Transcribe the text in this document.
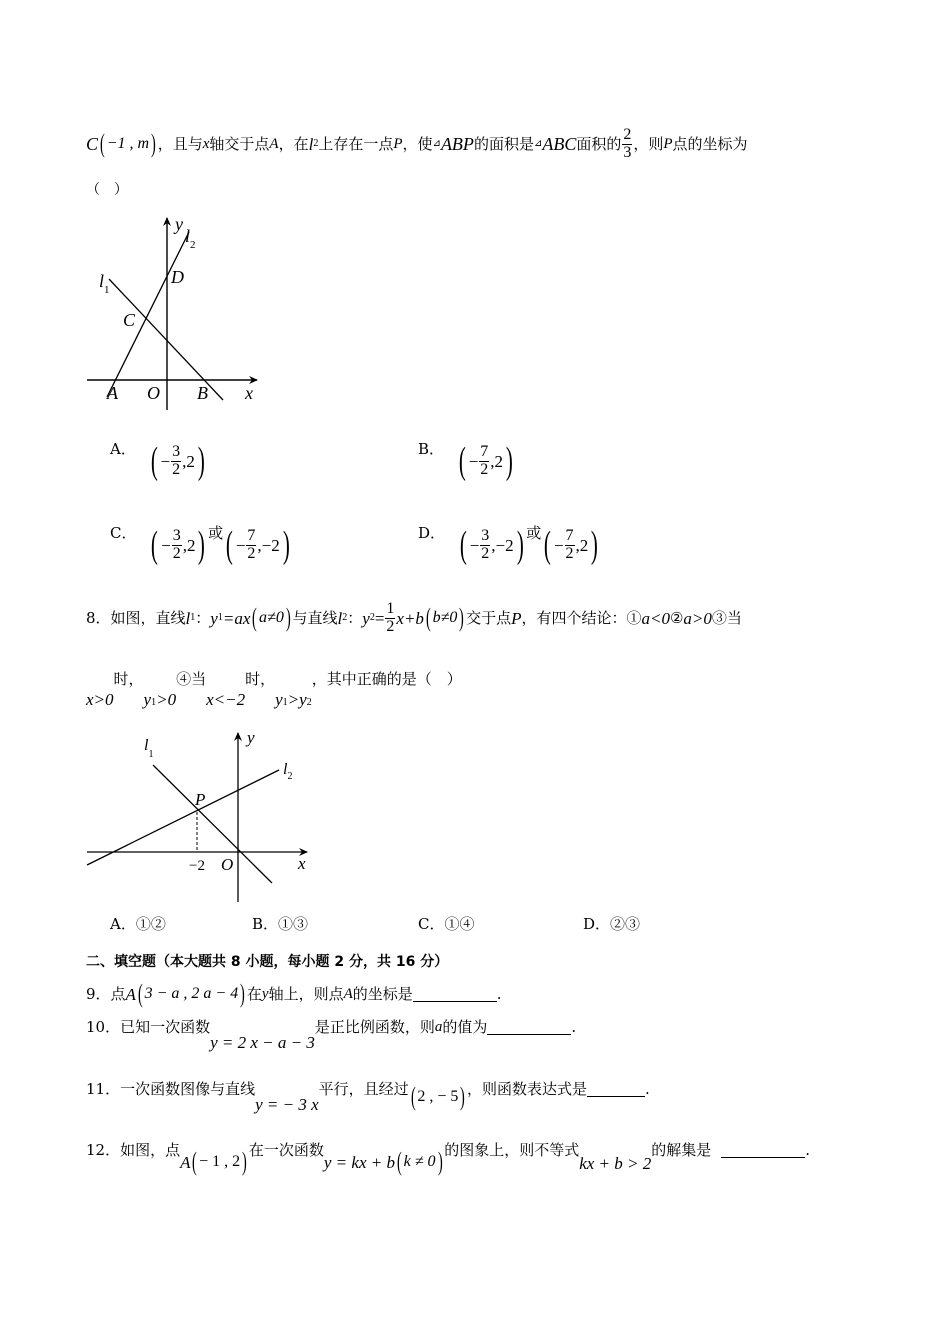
C ( −1 , m ) ，且与 x 轴交于点 A ，在 l 2 上存在一点 P ，使 ⊿ ABP 的面积是 ⊿ ABC 面积的 $\frac{2}{3}$ ，则 P 点的坐标为
（　）
y
$l_2$
$l_1$
D
C
A O B x
A． ( − $\frac{3}{2} ,2$ )	B． ( − $\frac{7}{2} ,2$ )
C． ( − $\frac{3}{2} ,2$ ) 或 ( − $\frac{7}{2} ,-2$ )	D． ( − $\frac{3}{2} ,-2$ ) 或 ( − $\frac{7}{2} ,2$ )
8．如图，直线 l 1 ： y 1 =ax ( a≠0 ) 与直线 l 2 ： y $2 = \frac{1}{2} x+b$ ( b≠0 ) 交于点 P ，有四个结论：① a<0 ② a>0 ③当
x>0
时，
$y_1 >0$
④当
x<−2
时，
$y_1 > y_2$
，其中正确的是（　）
y
$l_1$
$l_2$
P
−2 O	x
A．①②	B．①③	C．①④	D．②③
二、填空题（本大题共 8 小题，每小题 2 分，共 16 分）
9．点 A ( 3 − a , 2 a − 4 ) 在 y 轴上，则点 A 的坐标是	.
10．已知一次函数
y = 2 x − a − 3
是正比例函数，则 a 的值为	.
11．一次函数图像与直线
y = − 3 x
平行，且经过 ( 2 , − 5) ，则函数表达式是	.
12．如图，点
A ( − 1 , 2 ) 在一次函数
y = kx + b ( k ≠ 0 ) 的图象上，则不等式
kx + b > 2
的解集是	.
